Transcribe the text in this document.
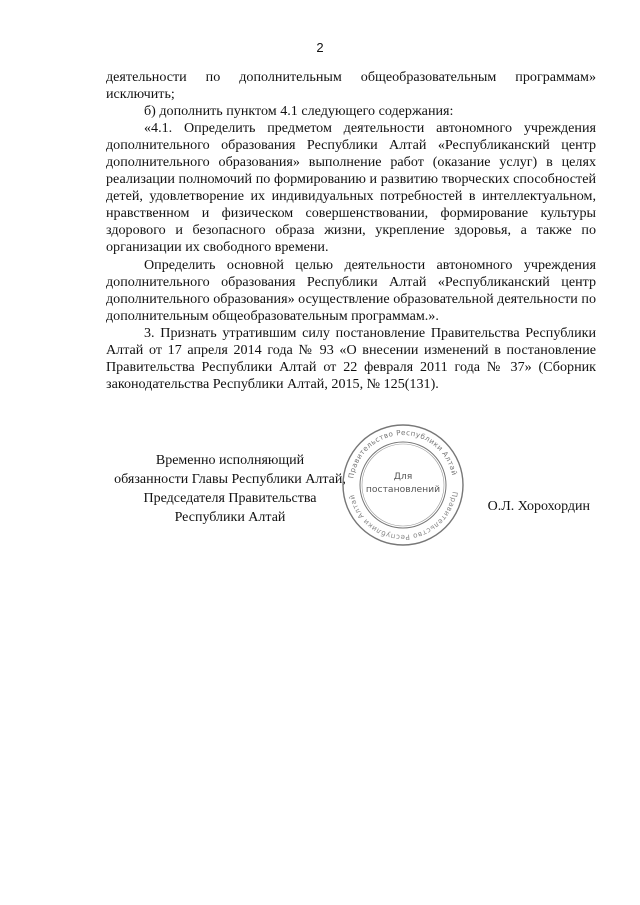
2

деятельности по дополнительным общеобразовательным программам» исключить;

б) дополнить пунктом 4.1 следующего содержания:

«4.1. Определить предметом деятельности автономного учреждения дополнительного образования Республики Алтай «Республиканский центр дополнительного образования» выполнение работ (оказание услуг) в целях реализации полномочий по формированию и развитию творческих способностей детей, удовлетворение их индивидуальных потребностей в интеллектуальном, нравственном и физическом совершенствовании, формирование культуры здорового и безопасного образа жизни, укрепление здоровья, а также по организации их свободного времени.

Определить основной целью деятельности автономного учреждения дополнительного образования Республики Алтай «Республиканский центр дополнительного образования» осуществление образовательной деятельности по дополнительным общеобразовательным программам.».

3. Признать утратившим силу постановление Правительства Республики Алтай от 17 апреля 2014 года № 93 «О внесении изменений в постановление Правительства Республики Алтай от 22 февраля 2011 года № 37» (Сборник законодательства Республики Алтай, 2015, № 125(131).

Временно исполняющий
обязанности Главы Республики Алтай,
Председателя Правительства
Республики Алтай
Правительство Республики Алтай
Правительство Республики Алтай
Для
постановлений
О.Л. Хорохордин
